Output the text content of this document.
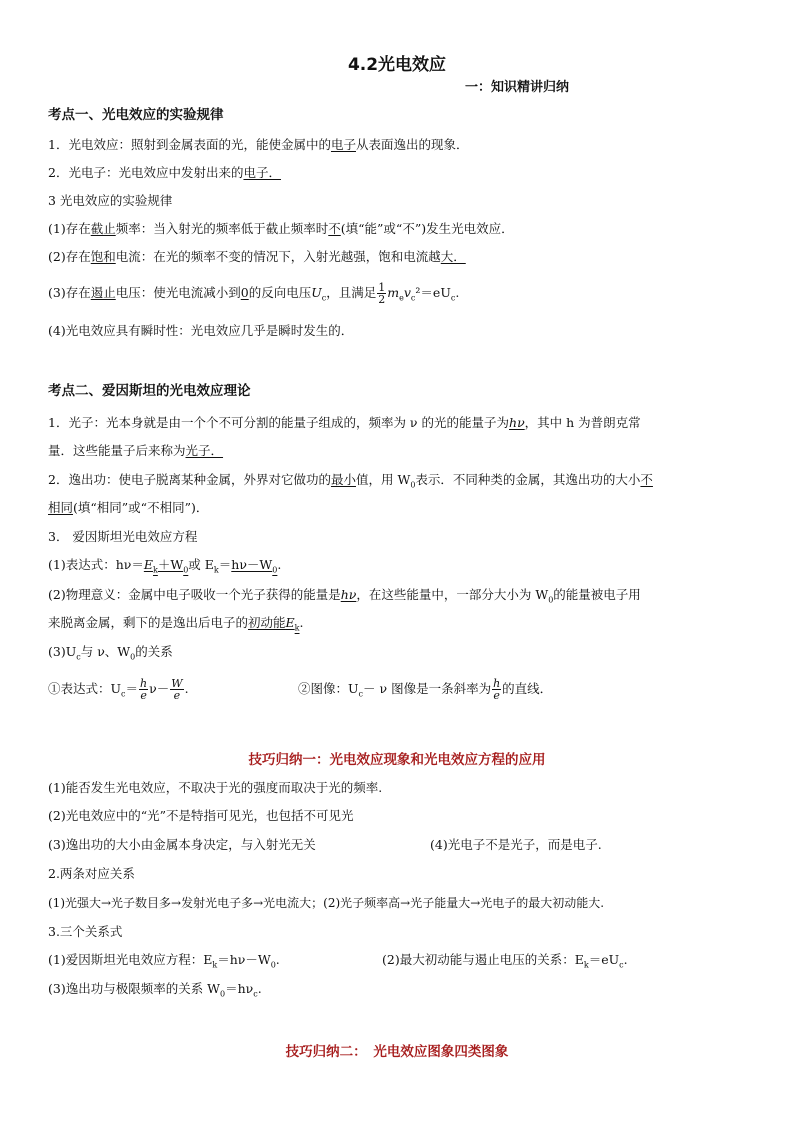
4.2光电效应
一：知识精讲归纳
考点一、光电效应的实验规律
1．光电效应：照射到金属表面的光，能使金属中的电子从表面逸出的现象．
2．光电子：光电效应中发射出来的电子．
3 光电效应的实验规律
(1)存在截止频率：当入射光的频率低于截止频率时不(填“能”或“不”)发生光电效应．
(2)存在饱和电流：在光的频率不变的情况下，入射光越强，饱和电流越大．
(3)存在遏止电压：使光电流减小到0的反向电压$U_c$，且满足 $\frac{1}{2} m_ev_c^2=eU_c$.
(4)光电效应具有瞬时性：光电效应几乎是瞬时发生的．
考点二、爱因斯坦的光电效应理论
1．光子：光本身就是由一个个不可分割的能量子组成的，频率为 ν 的光的能量子为hν，其中 h 为普朗克常
量．这些能量子后来称为光子．
2．逸出功：使电子脱离某种金属，外界对它做功的最小值，用 $W_0$表示．不同种类的金属，其逸出功的大小不
相同(填“相同”或“不相同”)．
3． 爱因斯坦光电效应方程
(1)表达式：$h\nu=E_k+W_0$或 $E_k=h\nu-W_0$.
(2)物理意义：金属中电子吸收一个光子获得的能量是hν，在这些能量中，一部分大小为 $W_0$的能量被电子用
来脱离金属，剩下的是逸出后电子的初动能$E_k$.
$(3)U_c$与 ν、$W_0$的关系
①表达式：$U_c= \frac{h}{e} \nu- \frac{W}{e}$ .	②图像：$U_c- \nu$ 图像是一条斜率为 $\frac{h}{e}$ 的直线．
技巧归纳一：光电效应现象和光电效应方程的应用
(1)能否发生光电效应，不取决于光的强度而取决于光的频率.
(2)光电效应中的“光”不是特指可见光，也包括不可见光
(3)逸出功的大小由金属本身决定，与入射光无关	(4)光电子不是光子，而是电子.
2.两条对应关系
(1)光强大→光子数目多→发射光电子多→光电流大；(2)光子频率高→光子能量大→光电子的最大初动能大.
3.三个关系式
(1)爱因斯坦光电效应方程：$E_k=h\nu-W_0$.	(2)最大初动能与遏止电压的关系：$E_k=eU_c$.
(3)逸出功与极限频率的关系 $W_0=h\nu_c$.
技巧归纳二：　光电效应图象四类图象
